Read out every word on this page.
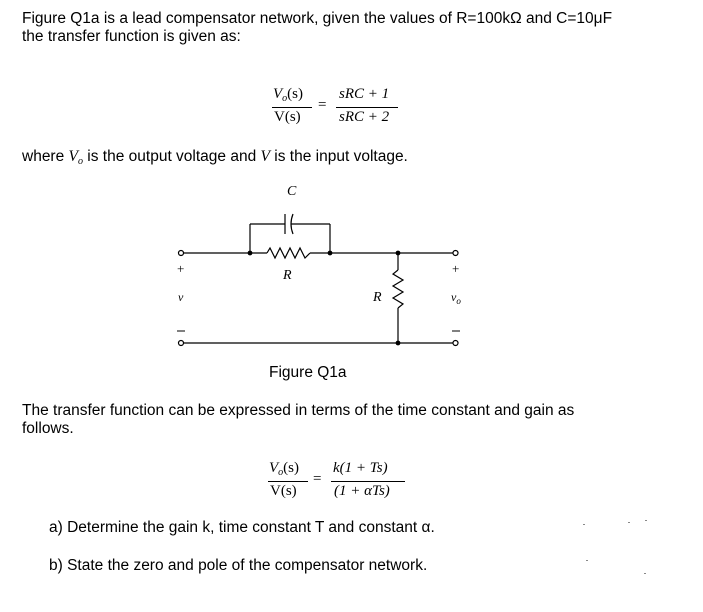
Figure Q1a is a lead compensator network, given the values of R=100kΩ and C=10μF
the transfer function is given as:
$V_o(s)$
V(s)
=
sRC + 1
sRC + 2
where $V_o$ is the output voltage and V is the input voltage.
C
R
R
v	$v_o$
+	+
Figure Q1a
The transfer function can be expressed in terms of the time constant and gain as
follows.
$V_o(s)$
V(s)
=
k(1 + Ts)
(1 + αTs)
a) Determine the gain k, time constant T and constant α.
b) State the zero and pole of the compensator network.
